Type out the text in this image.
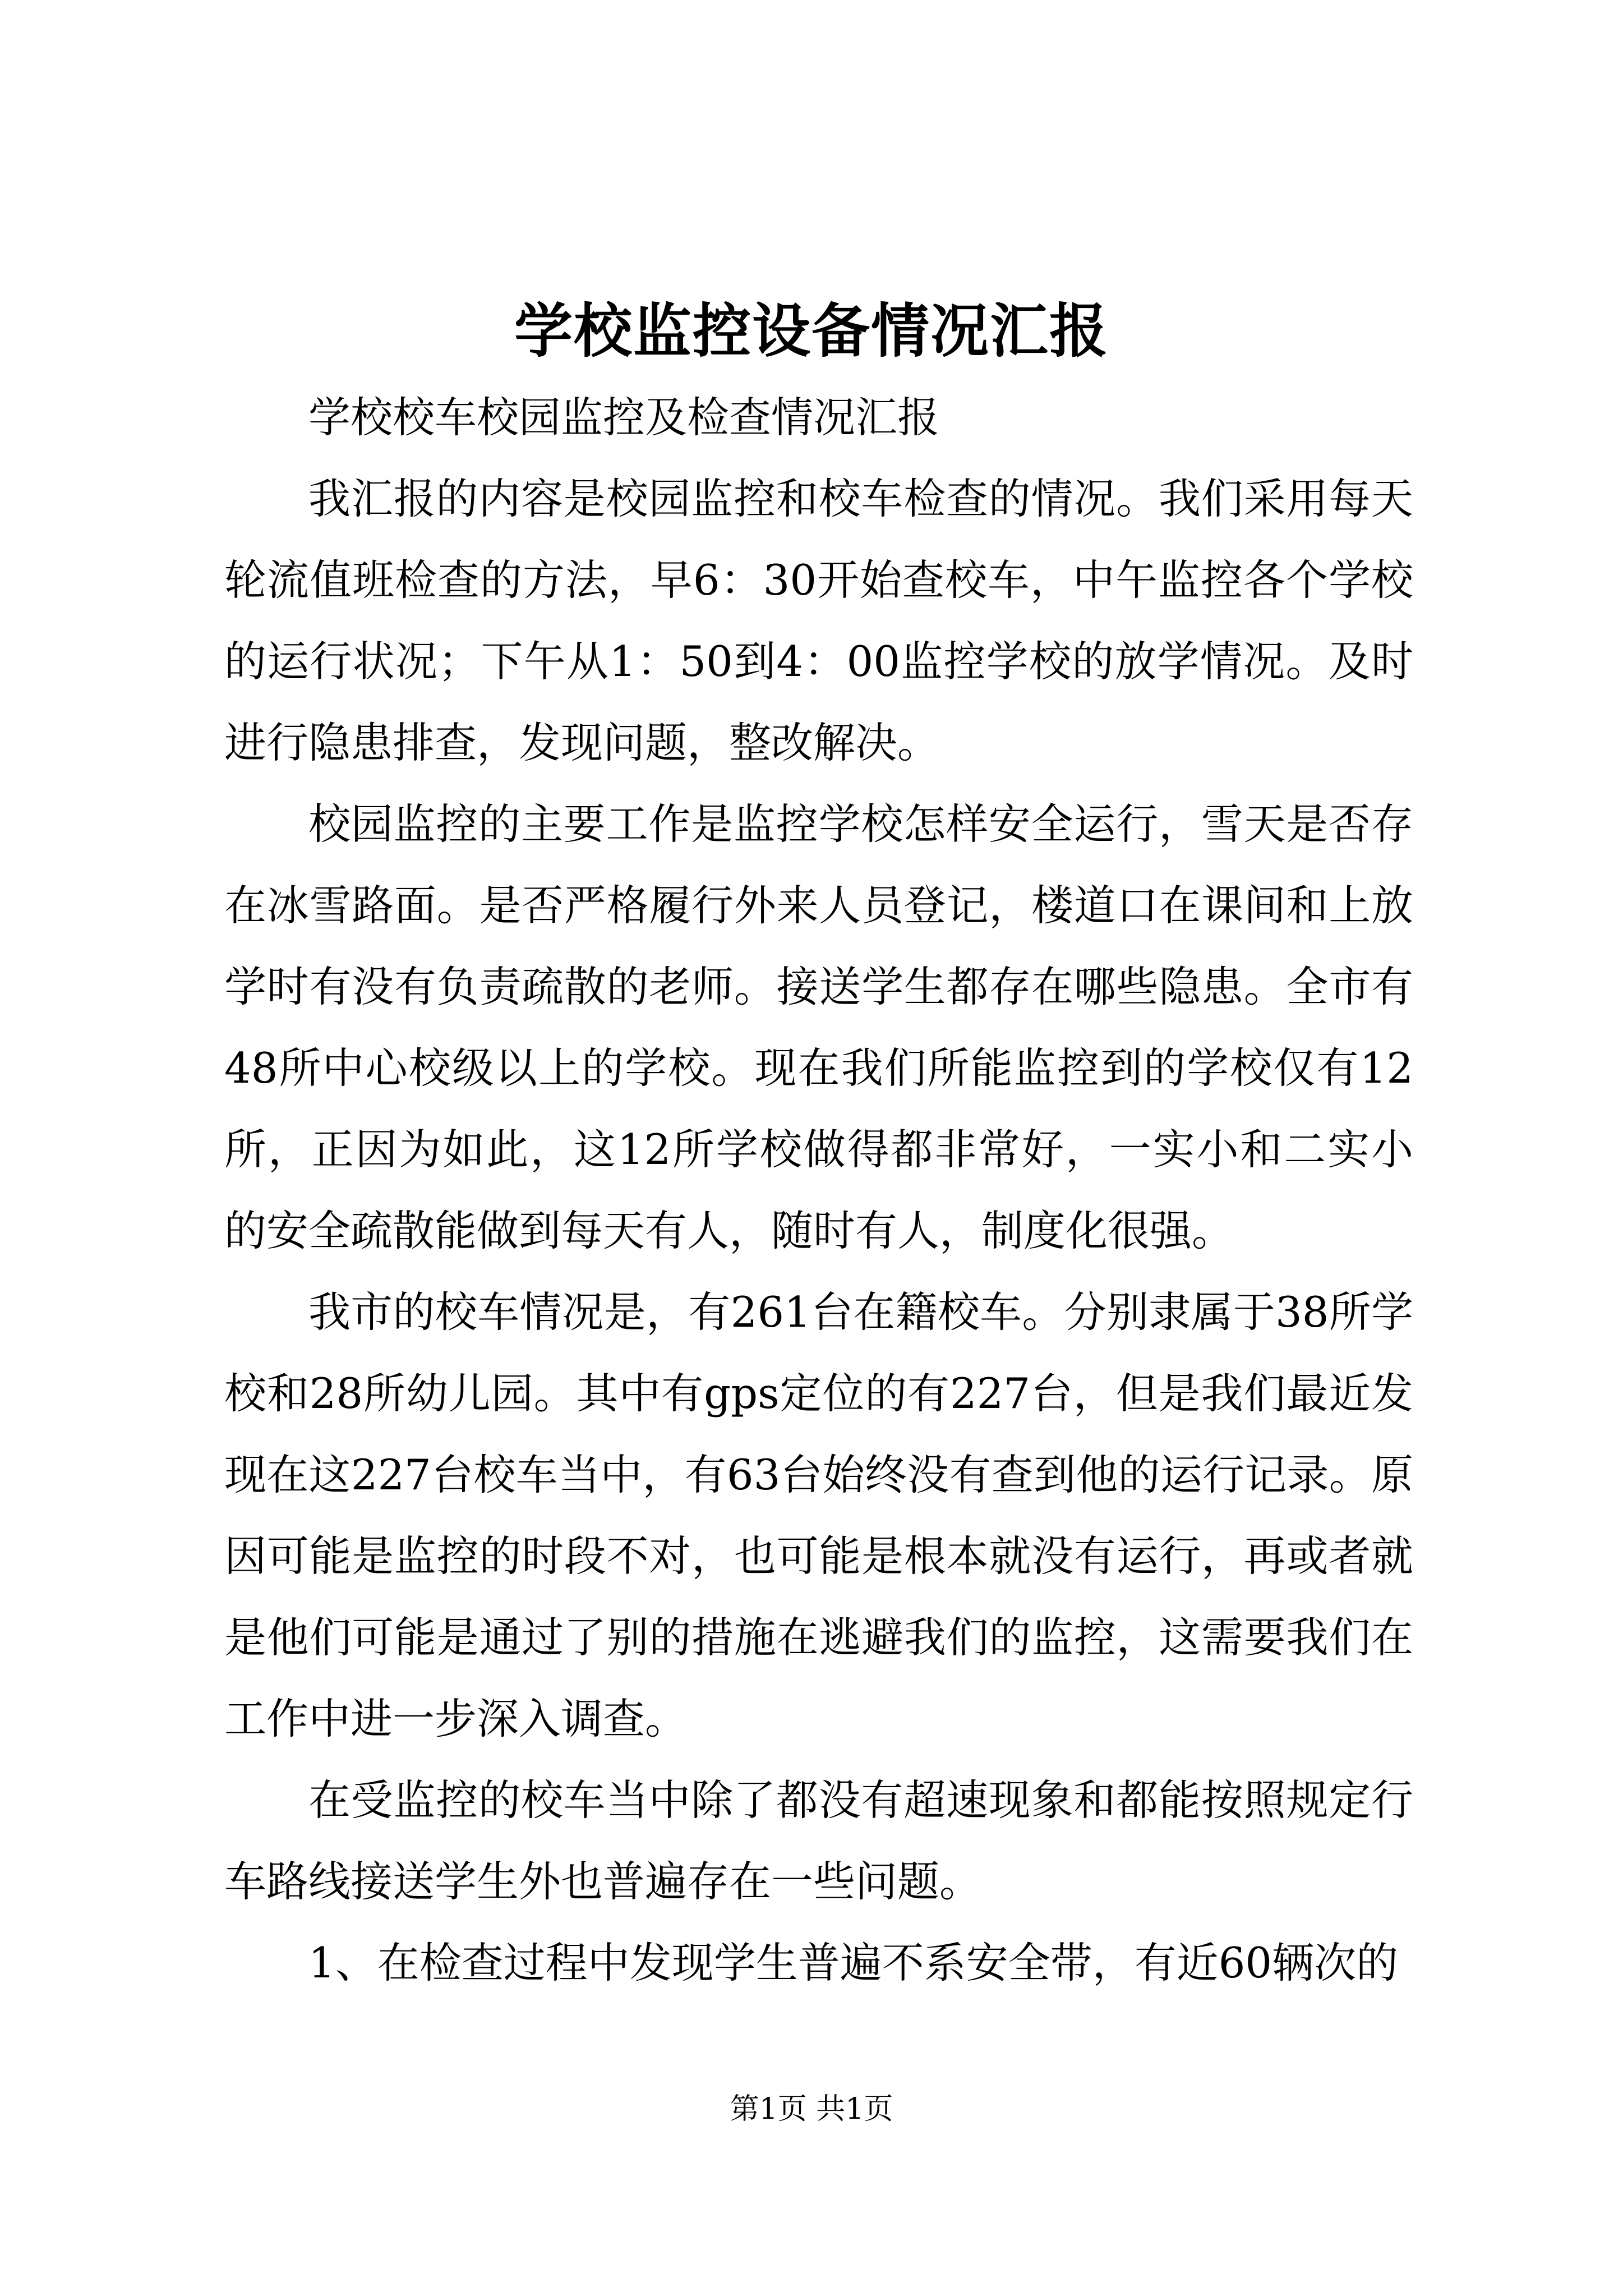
学校监控设备情况汇报

学校校车校园监控及检查情况汇报

我汇报的内容是校园监控和校车检查的情况。我们采用每天轮流值班检查的方法，早6：30开始查校车，中午监控各个学校的运行状况；下午从1：50到4：00监控学校的放学情况。及时进行隐患排查，发现问题，整改解决。

校园监控的主要工作是监控学校怎样安全运行，雪天是否存在冰雪路面。是否严格履行外来人员登记，楼道口在课间和上放学时有没有负责疏散的老师。接送学生都存在哪些隐患。全市有48所中心校级以上的学校。现在我们所能监控到的学校仅有12所，正因为如此，这12所学校做得都非常好，一实小和二实小的安全疏散能做到每天有人，随时有人，制度化很强。

我市的校车情况是，有261台在籍校车。分别隶属于38所学校和28所幼儿园。其中有gps定位的有227台，但是我们最近发现在这227台校车当中，有63台始终没有查到他的运行记录。原因可能是监控的时段不对，也可能是根本就没有运行，再或者就是他们可能是通过了别的措施在逃避我们的监控，这需要我们在工作中进一步深入调查。

在受监控的校车当中除了都没有超速现象和都能按照规定行车路线接送学生外也普遍存在一些问题。

1、在检查过程中发现学生普遍不系安全带，有近60辆次的

第1页 共1页
